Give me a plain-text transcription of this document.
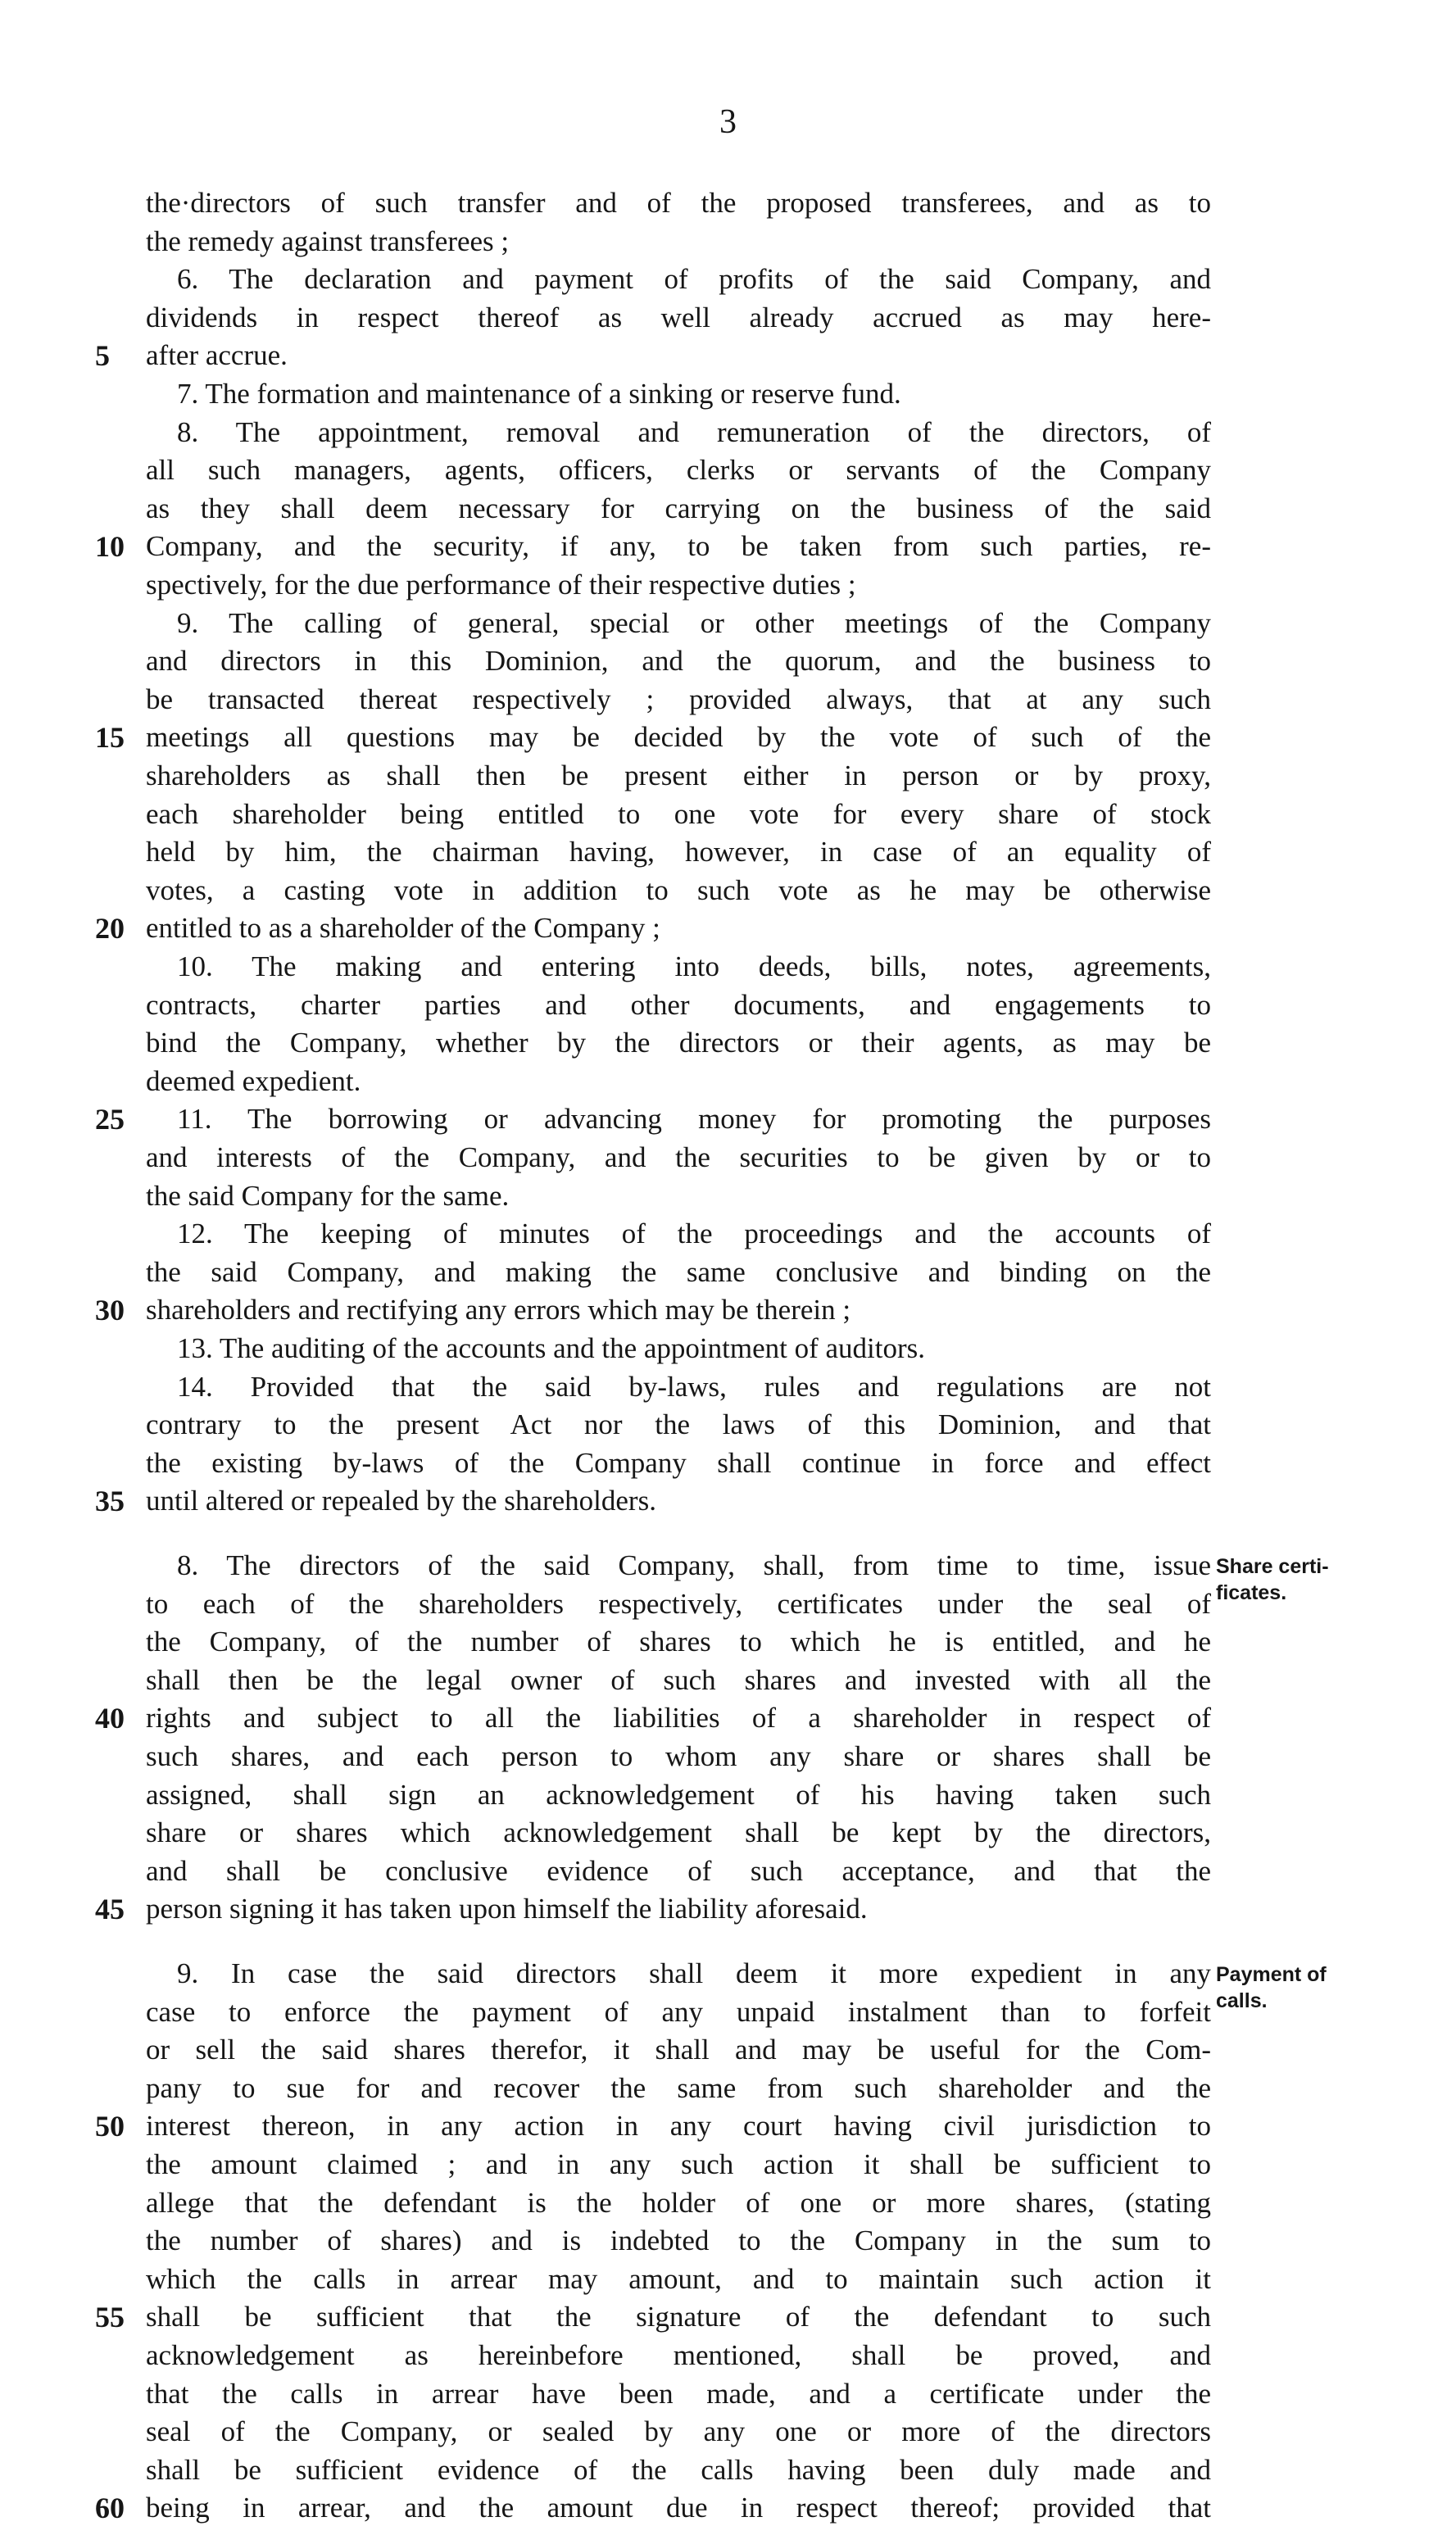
3
the·directors of such transfer and of the proposed transferees, and as to
the remedy against transferees ;
6. The declaration and payment of profits of the said Company, and
dividends in respect thereof as well already accrued as may here-
after accrue.
5
7. The formation and maintenance of a sinking or reserve fund.
8. The appointment, removal and remuneration of the directors, of
all such managers, agents, officers, clerks or servants of the Company
as they shall deem necessary for carrying on the business of the said
Company, and the security, if any, to be taken from such parties, re-
10
spectively, for the due performance of their respective duties ;
9. The calling of general, special or other meetings of the Company
and directors in this Dominion, and the quorum, and the business to
be transacted thereat respectively ; provided always, that at any such
meetings all questions may be decided by the vote of such of the
15
shareholders as shall then be present either in person or by proxy,
each shareholder being entitled to one vote for every share of stock
held by him, the chairman having, however, in case of an equality of
votes, a casting vote in addition to such vote as he may be otherwise
entitled to as a shareholder of the Company ;
20
10. The making and entering into deeds, bills, notes, agreements,
contracts, charter parties and other documents, and engagements to
bind the Company, whether by the directors or their agents, as may be
deemed expedient.
11. The borrowing or advancing money for promoting the purposes
25
and interests of the Company, and the securities to be given by or to
the said Company for the same.
12. The keeping of minutes of the proceedings and the accounts of
the said Company, and making the same conclusive and binding on the
shareholders and rectifying any errors which may be therein ;
30
13. The auditing of the accounts and the appointment of auditors.
14. Provided that the said by-laws, rules and regulations are not
contrary to the present Act nor the laws of this Dominion, and that
the existing by-laws of the Company shall continue in force and effect
until altered or repealed by the shareholders.
35
8. The directors of the said Company, shall, from time to time, issue
to each of the shareholders respectively, certificates under the seal of
the Company, of the number of shares to which he is entitled, and he
shall then be the legal owner of such shares and invested with all the
rights and subject to all the liabilities of a shareholder in respect of
40
such shares, and each person to whom any share or shares shall be
assigned, shall sign an acknowledgement of his having taken such
share or shares which acknowledgement shall be kept by the directors,
and shall be conclusive evidence of such acceptance, and that the
person signing it has taken upon himself the liability aforesaid.
45
9. In case the said directors shall deem it more expedient in any
case to enforce the payment of any unpaid instalment than to forfeit
or sell the said shares therefor, it shall and may be useful for the Com-
pany to sue for and recover the same from such shareholder and the
interest thereon, in any action in any court having civil jurisdiction to
50
the amount claimed ; and in any such action it shall be sufficient to
allege that the defendant is the holder of one or more shares, (stating
the number of shares) and is indebted to the Company in the sum to
which the calls in arrear may amount, and to maintain such action it
shall be sufficient that the signature of the defendant to such
55
acknowledgement as hereinbefore mentioned, shall be proved, and
that the calls in arrear have been made, and a certificate under the
seal of the Company, or sealed by any one or more of the directors
shall be sufficient evidence of the calls having been duly made and
being in arrear, and the amount due in respect thereof; provided that
60
Share certi-
ficates.
Payment of
calls.
